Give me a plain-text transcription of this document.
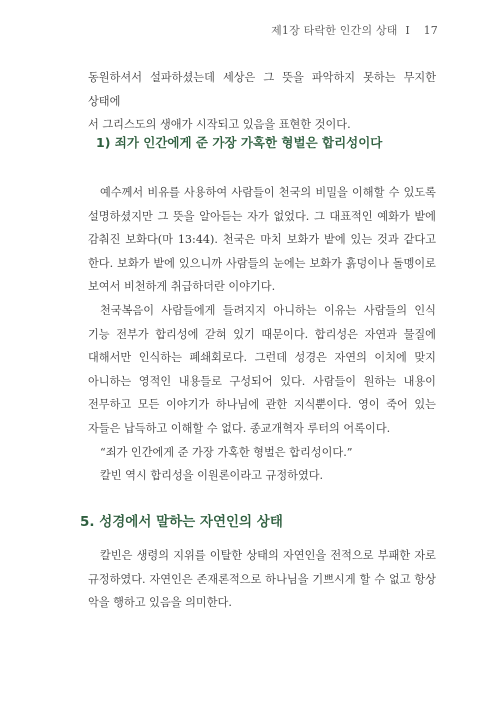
제1장 타락한 인간의 상태 I 17

동원하셔서 설파하셨는데 세상은 그 뜻을 파악하지 못하는 무지한 상태에

서 그리스도의 생애가 시작되고 있음을 표현한 것이다.

1) 죄가 인간에게 준 가장 가혹한 형벌은 합리성이다

예수께서 비유를 사용하여 사람들이 천국의 비밀을 이해할 수 있도록 설명하셨지만 그 뜻을 알아듣는 자가 없었다. 그 대표적인 예화가 밭에 감춰진 보화다(마 13:44). 천국은 마치 보화가 밭에 있는 것과 같다고 한다. 보화가 밭에 있으니까 사람들의 눈에는 보화가 흙덩이나 돌멩이로 보여서 비천하게 취급하더란 이야기다.

천국복음이 사람들에게 들려지지 아니하는 이유는 사람들의 인식 기능 전부가 합리성에 갇혀 있기 때문이다. 합리성은 자연과 물질에 대해서만 인식하는 폐쇄회로다. 그런데 성경은 자연의 이치에 맞지 아니하는 영적인 내용들로 구성되어 있다. 사람들이 원하는 내용이 전무하고 모든 이야기가 하나님에 관한 지식뿐이다. 영이 죽어 있는 자들은 납득하고 이해할 수 없다. 종교개혁자 루터의 어록이다.

“죄가 인간에게 준 가장 가혹한 형벌은 합리성이다.”

칼빈 역시 합리성을 이원론이라고 규정하였다.

5. 성경에서 말하는 자연인의 상태

칼빈은 생령의 지위를 이탈한 상태의 자연인을 전적으로 부패한 자로 규정하였다. 자연인은 존재론적으로 하나님을 기쁘시게 할 수 없고 항상 악을 행하고 있음을 의미한다.
